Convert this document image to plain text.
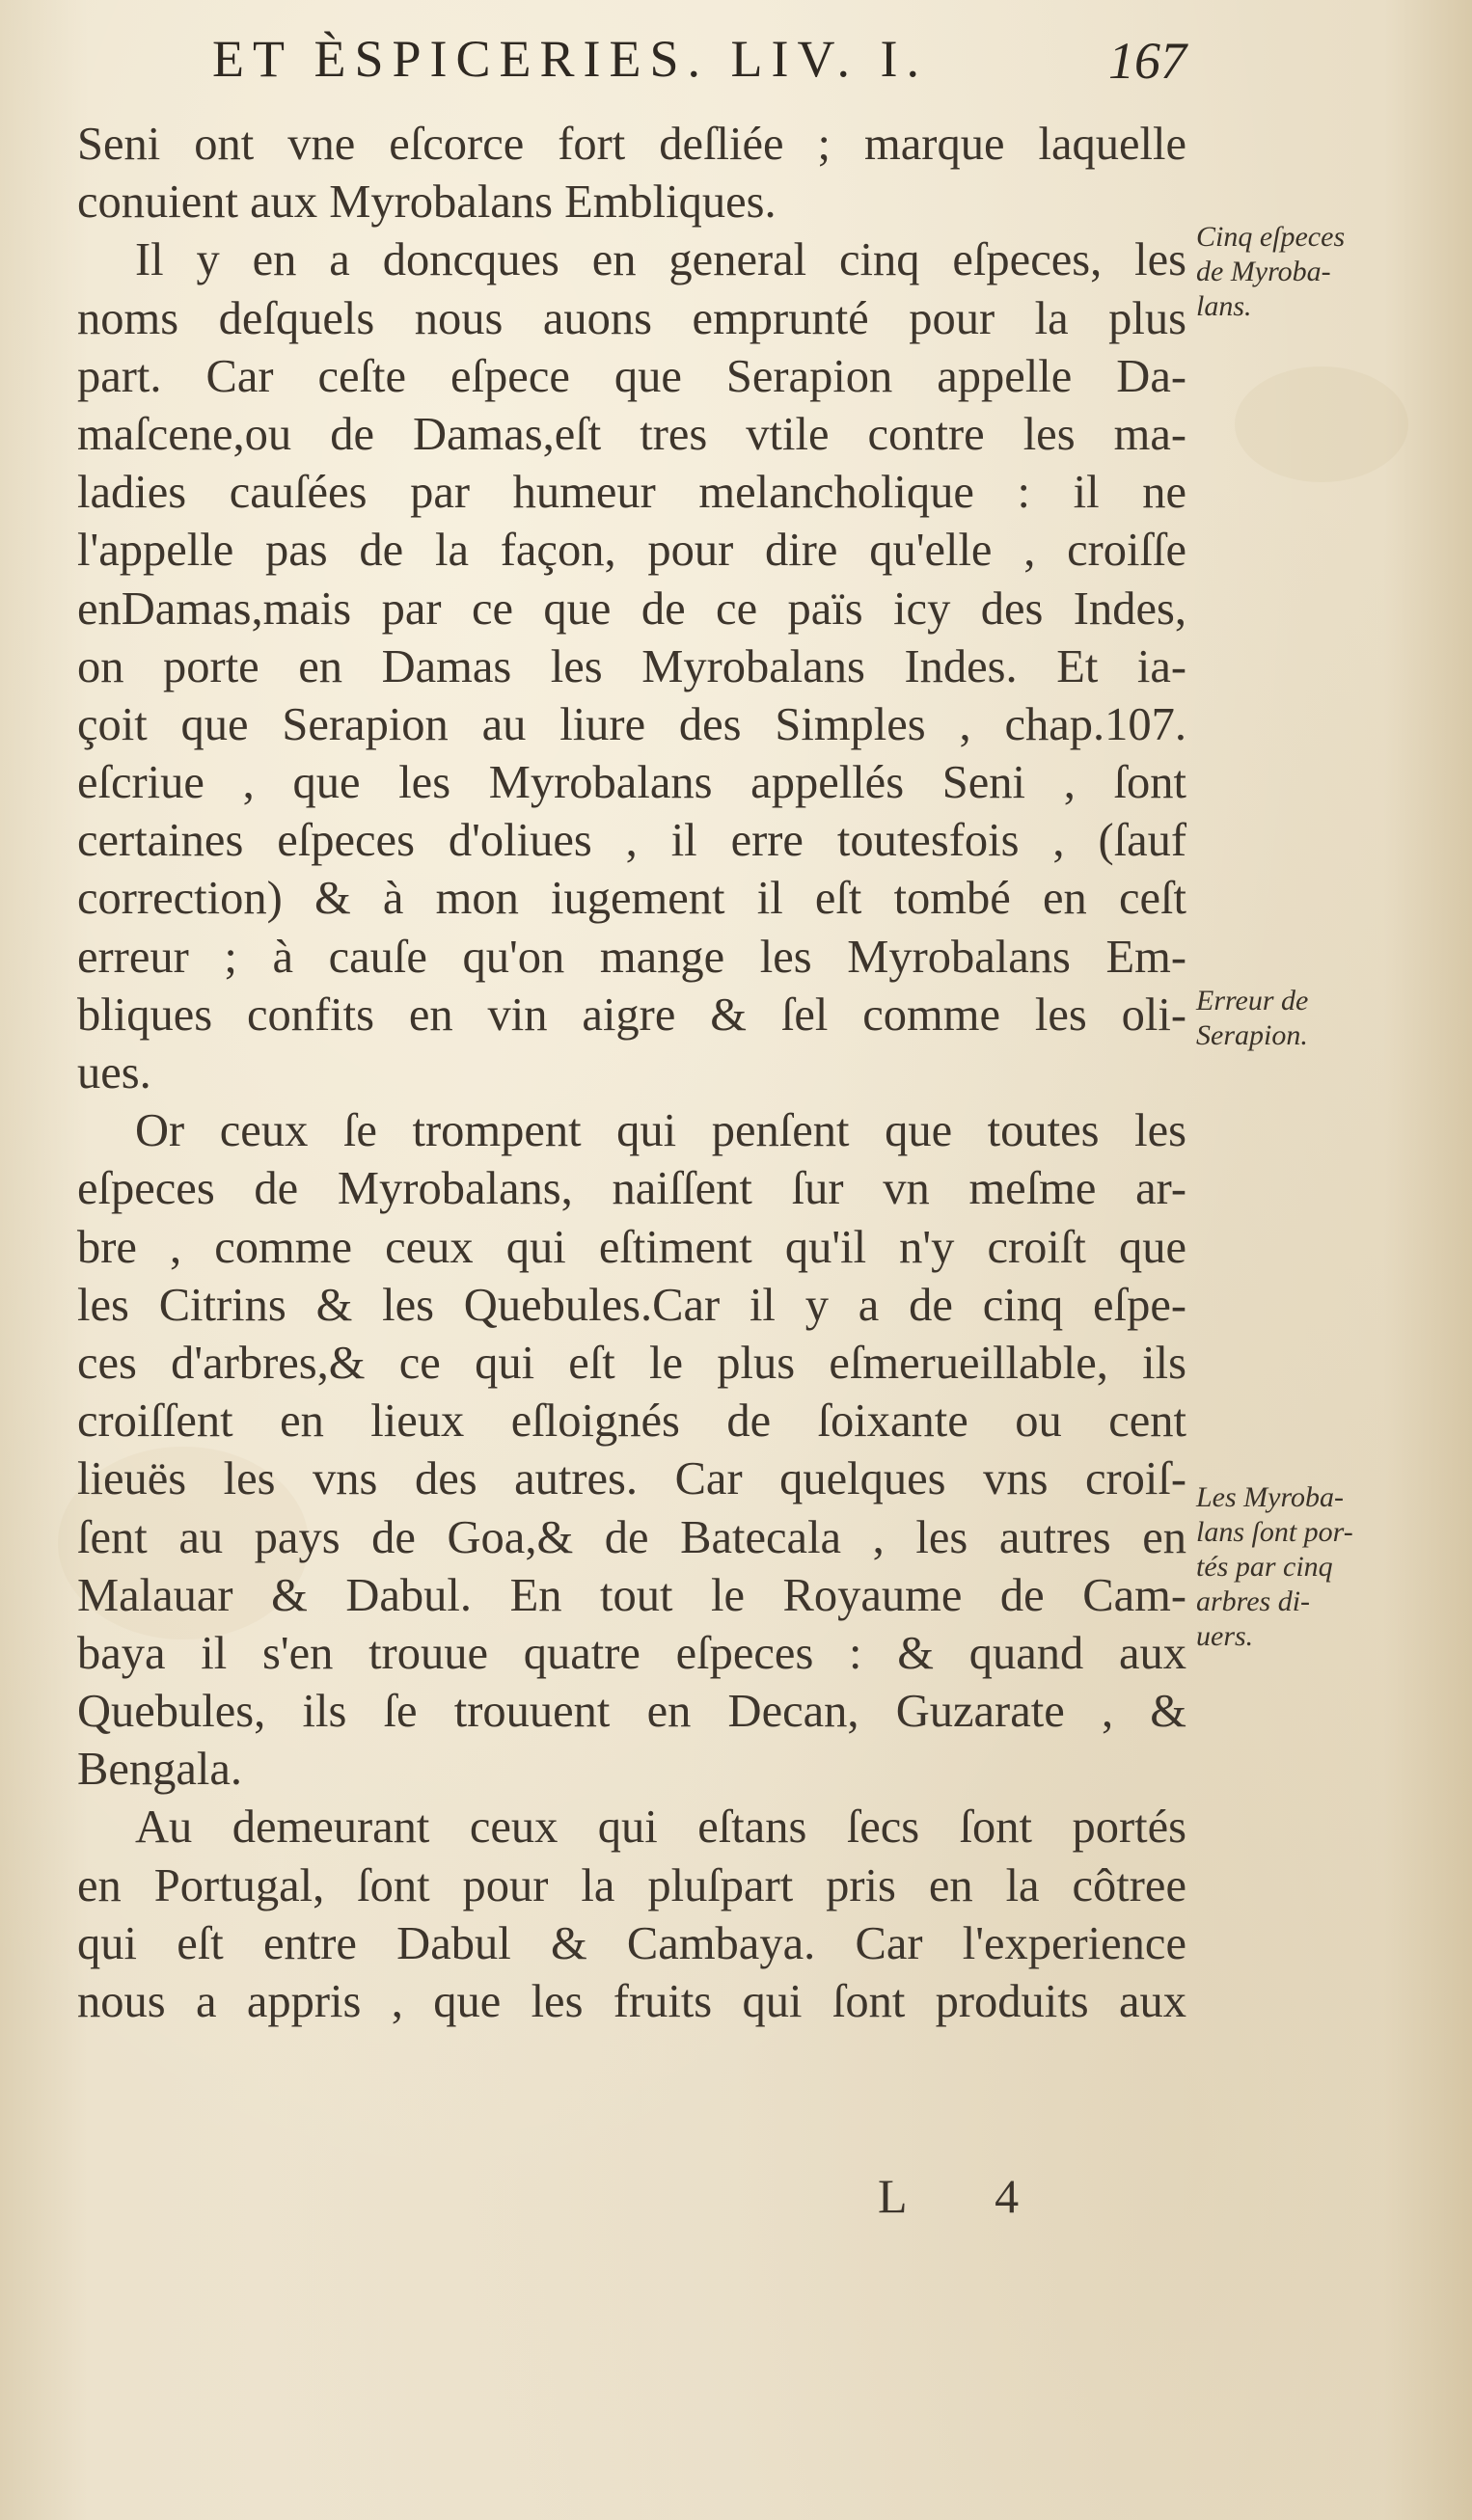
ET ÈSPICERIES. LIV. I.	167
Seni ont vne eſcorce fort deſliée ; marque laquelle
conuient aux Myrobalans Embliques.
Il y en a doncques en general cinq eſpeces, les
noms deſquels nous auons emprunté pour la plus
part. Car ceſte eſpece que Serapion appelle Da-
maſcene,ou de Damas,eſt tres vtile contre les ma-
ladies cauſées par humeur melancholique : il ne
l'appelle pas de la façon, pour dire qu'elle , croiſſe
enDamas,mais par ce que de ce païs icy des Indes,
on porte en Damas les Myrobalans Indes. Et ia-
çoit que Serapion au liure des Simples , chap.107.
eſcriue , que les Myrobalans appellés Seni , ſont
certaines eſpeces d'oliues , il erre toutesfois , (ſauf
correction) & à mon iugement il eſt tombé en ceſt
erreur ; à cauſe qu'on mange les Myrobalans Em-
bliques confits en vin aigre & ſel comme les oli-
ues.
Or ceux ſe trompent qui penſent que toutes les
eſpeces de Myrobalans, naiſſent ſur vn meſme ar-
bre , comme ceux qui eſtiment qu'il n'y croiſt que
les Citrins & les Quebules.Car il y a de cinq eſpe-
ces d'arbres,& ce qui eſt le plus eſmerueillable, ils
croiſſent en lieux eſloignés de ſoixante ou cent
lieuës les vns des autres. Car quelques vns croiſ-
ſent au pays de Goa,& de Batecala , les autres en
Malauar & Dabul. En tout le Royaume de Cam-
baya il s'en trouue quatre eſpeces : & quand aux
Quebules, ils ſe trouuent en Decan, Guzarate , &
Bengala.
Au demeurant ceux qui eſtans ſecs ſont portés
en Portugal, ſont pour la pluſpart pris en la côtree
qui eſt entre Dabul & Cambaya. Car l'experience
nous a appris , que les fruits qui ſont produits aux
Cinq eſpeces
de Myroba-
lans.
Erreur de
Serapion.
Les Myroba-
lans ſont por-
tés par cinq
arbres di-
uers.
L 4
